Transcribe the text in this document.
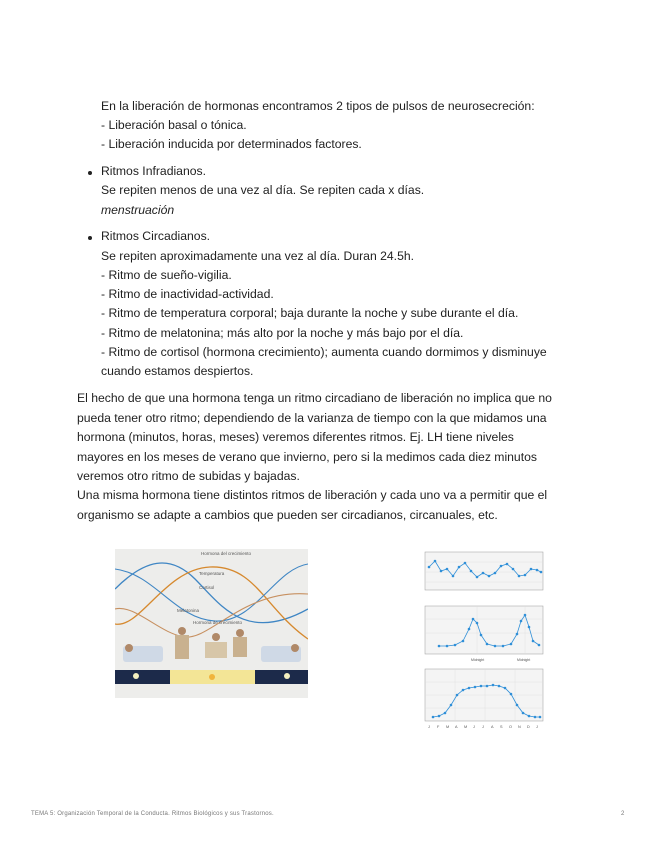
En la liberación de hormonas encontramos 2 tipos de pulsos de neurosecreción:
- Liberación basal o tónica.
- Liberación inducida por determinados factores.
Ritmos Infradianos.
Se repiten menos de una vez al día. Se repiten cada x días.
menstruación
Ritmos Circadianos.
Se repiten aproximadamente una vez al día. Duran 24.5h.
- Ritmo de sueño-vigilia.
- Ritmo de inactividad-actividad.
- Ritmo de temperatura corporal; baja durante la noche y sube durante el día.
- Ritmo de melatonina; más alto por la noche y más bajo por el día.
- Ritmo de cortisol (hormona crecimiento); aumenta cuando dormimos y disminuye
cuando estamos despiertos.
El hecho de que una hormona tenga un ritmo circadiano de liberación no implica que no
pueda tener otro ritmo; dependiendo de la varianza de tiempo con la que midamos una
hormona (minutos, horas, meses) veremos diferentes ritmos. Ej. LH tiene niveles
mayores en los meses de verano que invierno, pero si la medimos cada diez minutos
veremos otro ritmo de subidas y bajadas.
Una misma hormona tiene distintos ritmos de liberación y cada uno va a permitir que el
organismo se adapte a cambios que pueden ser circadianos, circanuales, etc.
Hormona del crecimiento
Temperatura
Cortisol
Melatonina
Hormona de crecimiento
Midnight	Midnight
J F M A M J J A S O N D J
TEMA 5: Organización Temporal de la Conducta. Ritmos Biológicos y sus Trastornos.	2
